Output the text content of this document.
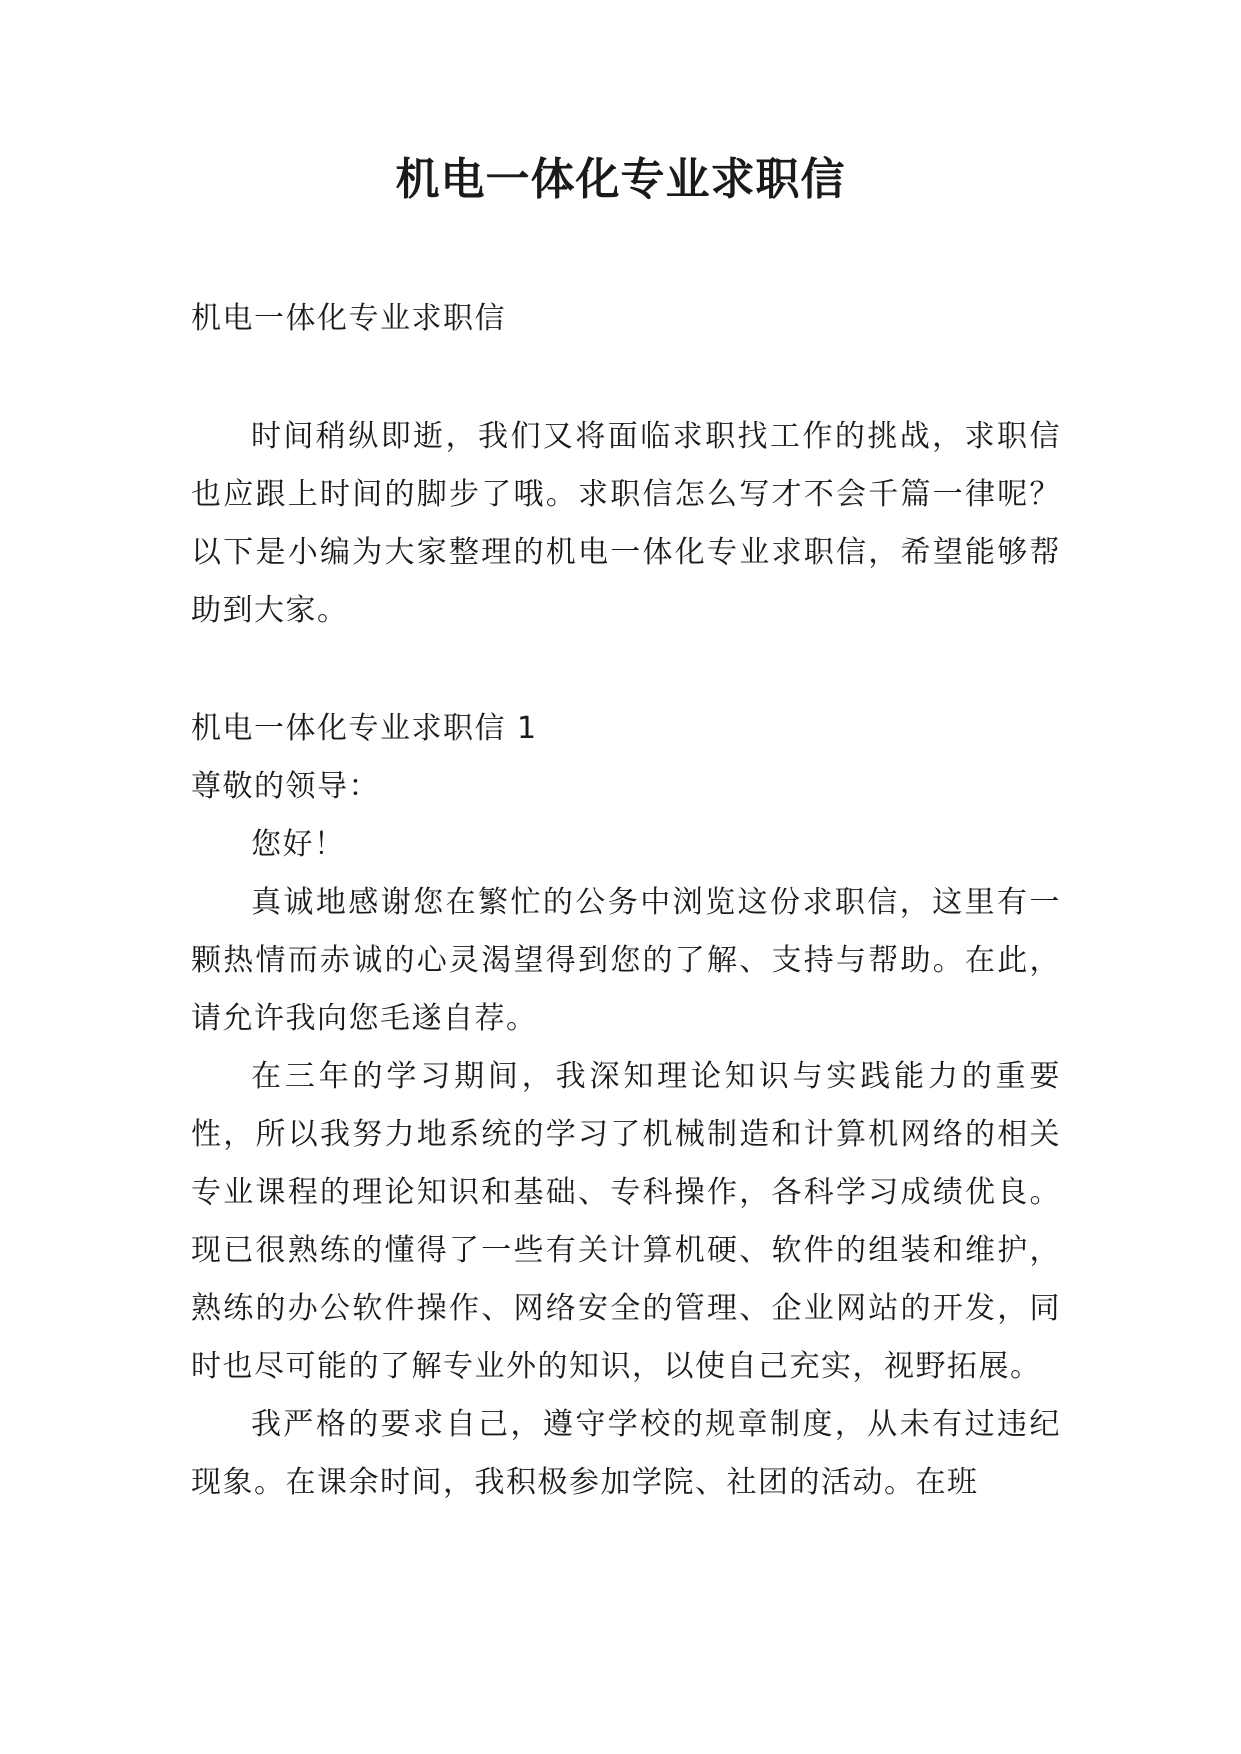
机电一体化专业求职信

机电一体化专业求职信

时间稍纵即逝，我们又将面临求职找工作的挑战，求职信也应跟上时间的脚步了哦。求职信怎么写才不会千篇一律呢？以下是小编为大家整理的机电一体化专业求职信，希望能够帮助到大家。

机电一体化专业求职信 1

尊敬的领导：

您好！

真诚地感谢您在繁忙的公务中浏览这份求职信，这里有一颗热情而赤诚的心灵渴望得到您的了解、支持与帮助。在此，请允许我向您毛遂自荐。

在三年的学习期间，我深知理论知识与实践能力的重要性，所以我努力地系统的学习了机械制造和计算机网络的相关专业课程的理论知识和基础、专科操作，各科学习成绩优良。现已很熟练的懂得了一些有关计算机硬、软件的组装和维护，熟练的办公软件操作、网络安全的管理、企业网站的开发，同时也尽可能的了解专业外的知识，以使自己充实，视野拓展。

我严格的要求自己，遵守学校的规章制度，从未有过违纪现象。在课余时间，我积极参加学院、社团的活动。在班
